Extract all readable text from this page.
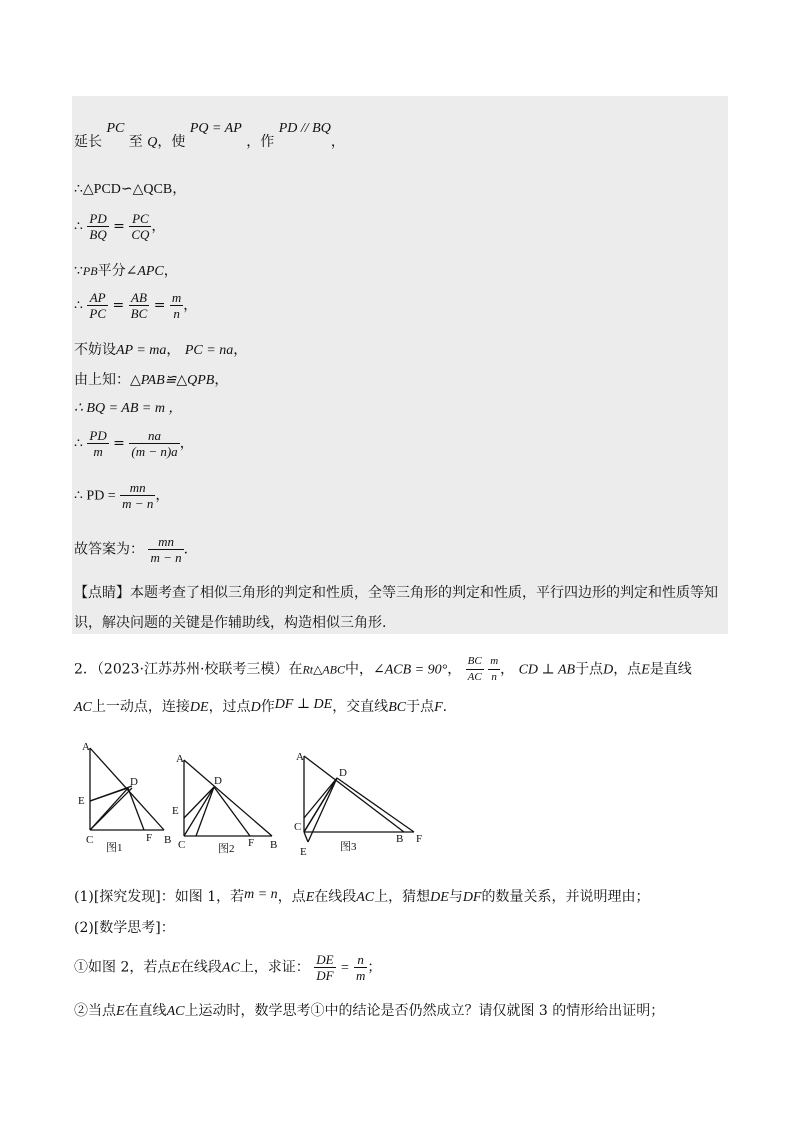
延长 PC 至 Q，使 PQ = AP ，作 PD // BQ，
∴△PCD∽△QCB，
∴ $\frac{PD}{BQ} = \frac{PC}{CQ}$ ，
∵PB平分∠APC，
∴ $\frac{AP}{PC} = \frac{AB}{BC} = \frac{m}{n}$ ，
不妨设AP = ma， PC = na，
由上知：△PAB≌△QPB，
∴ BQ = AB = m ，
∴ $\frac{PD}{m} = \frac{na}{(m - n)a}$ ，
∴ PD = $\frac{mn}{m - n}$ ，
故答案为： $\frac{mn}{m - n}$ ．
【点睛】本题考查了相似三角形的判定和性质，全等三角形的判定和性质，平行四边形的判定和性质等知
识，解决问题的关键是作辅助线，构造相似三角形.
2．（2023·江苏苏州·校联考三模）在Rt△ABC中，∠ACB = 90°， $\frac{BC}{AC}$
$\frac{m}{n}$ ， CD ⊥ AB于点D，点E是直线
AC上一动点，连接DE，过点D作DF ⊥ DE，交直线BC于点F.
A
D
E
C	F B
图1
A
D
E
C	F B
图2
A
D
C
E
B F
图3
(1)[探究发现]：如图 1，若m = n，点E在线段AC上，猜想DE与DF的数量关系，并说明理由；
(2)[数学思考]：
①如图 2，若点E在线段AC上，求证： $\frac{DE}{DF} = \frac{n}{m}$ ；
②当点E在直线AC上运动时，数学思考①中的结论是否仍然成立？请仅就图 3 的情形给出证明；
